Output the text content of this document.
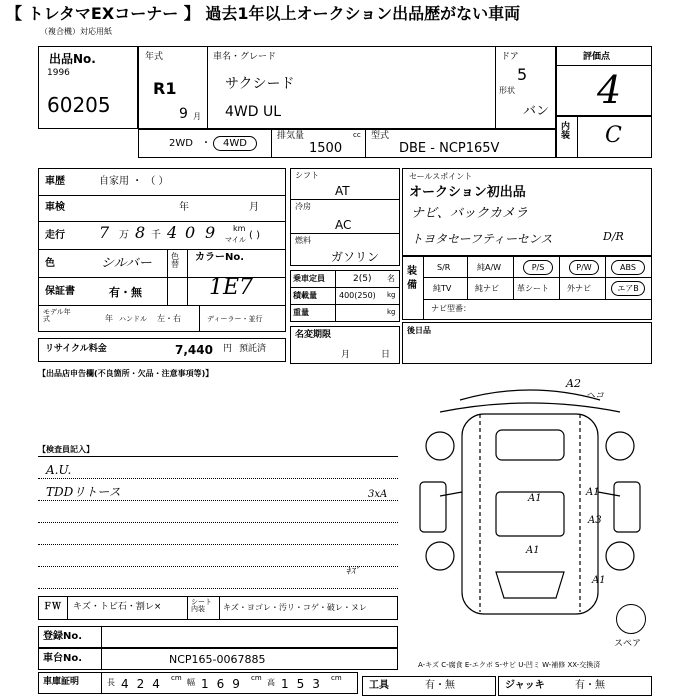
【 トレタマEXコーナー 】 過去1年以上オークション出品歴がない車両
（複合機）対応用紙
出品No.
1996
60205
年式
R1
9 月
車名・グレード
サクシード
4WD UL
ドア
5
形状
バン
評価点
4
内装 C
2WD ・	4WD
排気量	cc
1500
型式
DBE - NCP165V
車歴	自家用 ・ （ ）
車検	年	月
走行 7 万 8 千 4 0 9 km
マイル ( )
色	シルバー 色替
カラーNo.
1E7
保証書	有・無
モデル年式	年 ハンドル 左・右	ディーラー・並行
リサイクル料金	7,440 円 預託済
シフト
AT
冷房
AC
燃料
ガソリン
乗車定員	2(5) 名
積載量	400(250) kg
重量	kg
名変期限
月	日
セールスポイント
オークション初出品
ナビ、バックカメラ
トヨタセーフティーセンス	D/R
装備
S/R	純A/W	P/S	P/W	ABS
純TV	純ナビ 革シート 外ナビ	エアB
ナビ型番：
後日品
【出品店申告欄(不良箇所・欠品・注意事項等)】
【検査員記入】
A.U.
TDDリトース
A2
ヘコ
3xA	A1
A1
A3
A1
A1
ｷｽﾞ
ＦＷ キズ・トビ石・割レ×	シート内装	キズ・ヨゴレ・汚リ・コゲ・破レ・ヌレ
登録No.
車台No.	NCP165-0067885
車庫証明	長 424 cm 幅 169 cm 高 153 cm
A-キズ C-腐食 E-エクボ S-サビ U-凹ミ W-補修 XX-交換済
スペア
工具	有・無	ジャッキ	有・無
